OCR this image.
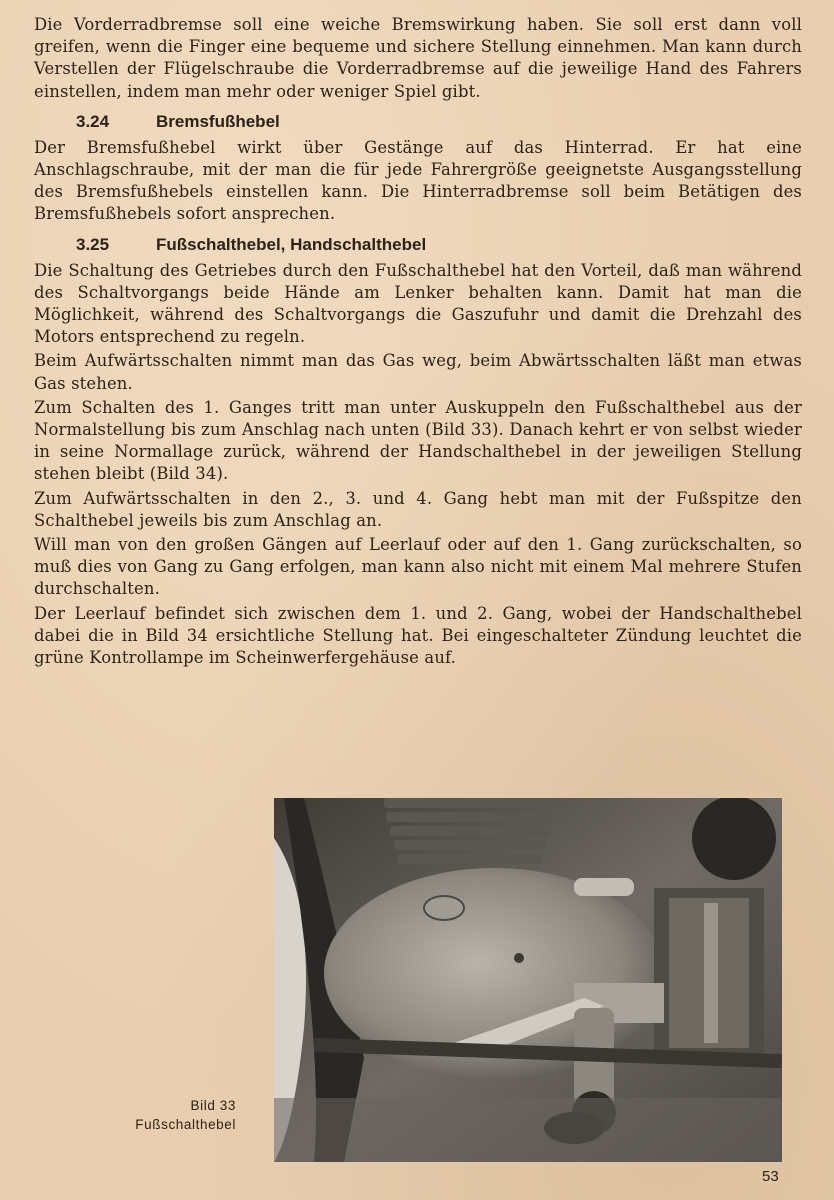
Die Vorderradbremse soll eine weiche Bremswirkung haben. Sie soll erst dann voll greifen, wenn die Finger eine bequeme und sichere Stellung einnehmen. Man kann durch Verstellen der Flügelschraube die Vorderradbremse auf die jeweilige Hand des Fahrers einstellen, indem man mehr oder weniger Spiel gibt.

3.24	Bremsfußhebel

Der Bremsfußhebel wirkt über Gestänge auf das Hinterrad. Er hat eine Anschlagschraube, mit der man die für jede Fahrergröße geeignetste Ausgangsstellung des Bremsfußhebels einstellen kann. Die Hinterradbremse soll beim Betätigen des Bremsfußhebels sofort ansprechen.

3.25	Fußschalthebel, Handschalthebel

Die Schaltung des Getriebes durch den Fußschalthebel hat den Vorteil, daß man während des Schaltvorgangs beide Hände am Lenker behalten kann. Damit hat man die Möglichkeit, während des Schaltvorgangs die Gaszufuhr und damit die Drehzahl des Motors entsprechend zu regeln.

Beim Aufwärtsschalten nimmt man das Gas weg, beim Abwärtsschalten läßt man etwas Gas stehen.

Zum Schalten des 1. Ganges tritt man unter Auskuppeln den Fußschalthebel aus der Normalstellung bis zum Anschlag nach unten (Bild 33). Danach kehrt er von selbst wieder in seine Normallage zurück, während der Handschalthebel in der jeweiligen Stellung stehen bleibt (Bild 34).

Zum Aufwärtsschalten in den 2., 3. und 4. Gang hebt man mit der Fußspitze den Schalthebel jeweils bis zum Anschlag an.

Will man von den großen Gängen auf Leerlauf oder auf den 1. Gang zurückschalten, so muß dies von Gang zu Gang erfolgen, man kann also nicht mit einem Mal mehrere Stufen durchschalten.

Der Leerlauf befindet sich zwischen dem 1. und 2. Gang, wobei der Handschalthebel dabei die in Bild 34 ersichtliche Stellung hat. Bei eingeschalteter Zündung leuchtet die grüne Kontrollampe im Scheinwerfergehäuse auf.

Bild 33
Fußschalthebel
53
